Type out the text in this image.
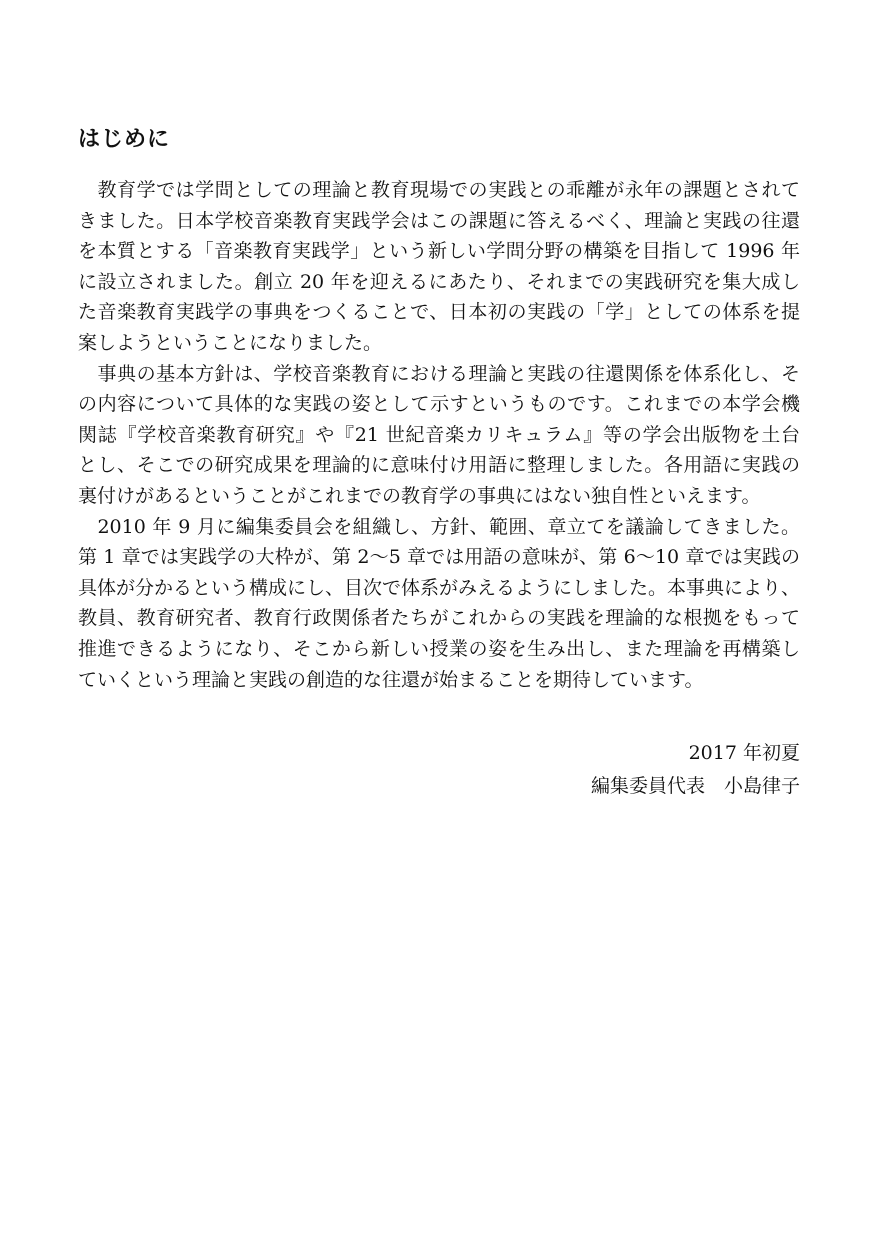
はじめに
　教育学では学問としての理論と教育現場での実践との乖離が永年の課題とされて
きました。日本学校音楽教育実践学会はこの課題に答えるべく、理論と実践の往還
を本質とする「音楽教育実践学」という新しい学問分野の構築を目指して 1996 年
に設立されました。創立 20 年を迎えるにあたり、それまでの実践研究を集大成し
た音楽教育実践学の事典をつくることで、日本初の実践の「学」としての体系を提
案しようということになりました。
　事典の基本方針は、学校音楽教育における理論と実践の往還関係を体系化し、そ
の内容について具体的な実践の姿として示すというものです。これまでの本学会機
関誌『学校音楽教育研究』や『21 世紀音楽カリキュラム』等の学会出版物を土台
とし、そこでの研究成果を理論的に意味付け用語に整理しました。各用語に実践の
裏付けがあるということがこれまでの教育学の事典にはない独自性といえます。
　2010 年 9 月に編集委員会を組織し、方針、範囲、章立てを議論してきました。
第 1 章では実践学の大枠が、第 2～5 章では用語の意味が、第 6～10 章では実践の
具体が分かるという構成にし、目次で体系がみえるようにしました。本事典により、
教員、教育研究者、教育行政関係者たちがこれからの実践を理論的な根拠をもって
推進できるようになり、そこから新しい授業の姿を生み出し、また理論を再構築し
ていくという理論と実践の創造的な往還が始まることを期待しています。
2017 年初夏
編集委員代表　小島律子
